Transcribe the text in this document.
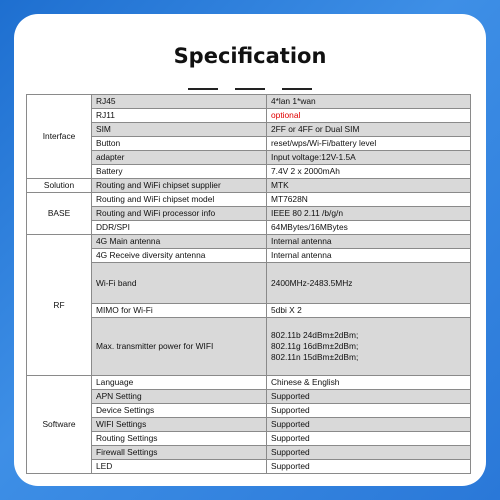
Specification
Interface	RJ45	4*lan 1*wan
	RJ11	optional
	SIM	2FF or 4FF or Dual SIM
	Button	reset/wps/Wi-Fi/battery level
	adapter	Input voltage:12V-1.5A
	Battery	7.4V 2 x 2000mAh
Solution	Routing and WiFi chipset supplier	MTK
BASE	Routing and WiFi chipset model	MT7628N
	Routing and WiFi processor info	IEEE 80 2.11 /b/g/n
	DDR/SPI	64MBytes/16MBytes
RF	4G Main antenna	Internal antenna
	4G Receive diversity antenna	Internal antenna
	Wi-Fi band	2400MHz-2483.5MHz
	MIMO for Wi-Fi	5dbi X 2
	Max. transmitter power for WIFI	802.11b 24dBm±2dBm;
802.11g 16dBm±2dBm;
802.11n 15dBm±2dBm;

Software	Language	Chinese & English
	APN Setting	Supported
	Device Settings	Supported
	WIFI Settings	Supported
	Routing Settings	Supported
	Firewall Settings	Supported
	LED	Supported
